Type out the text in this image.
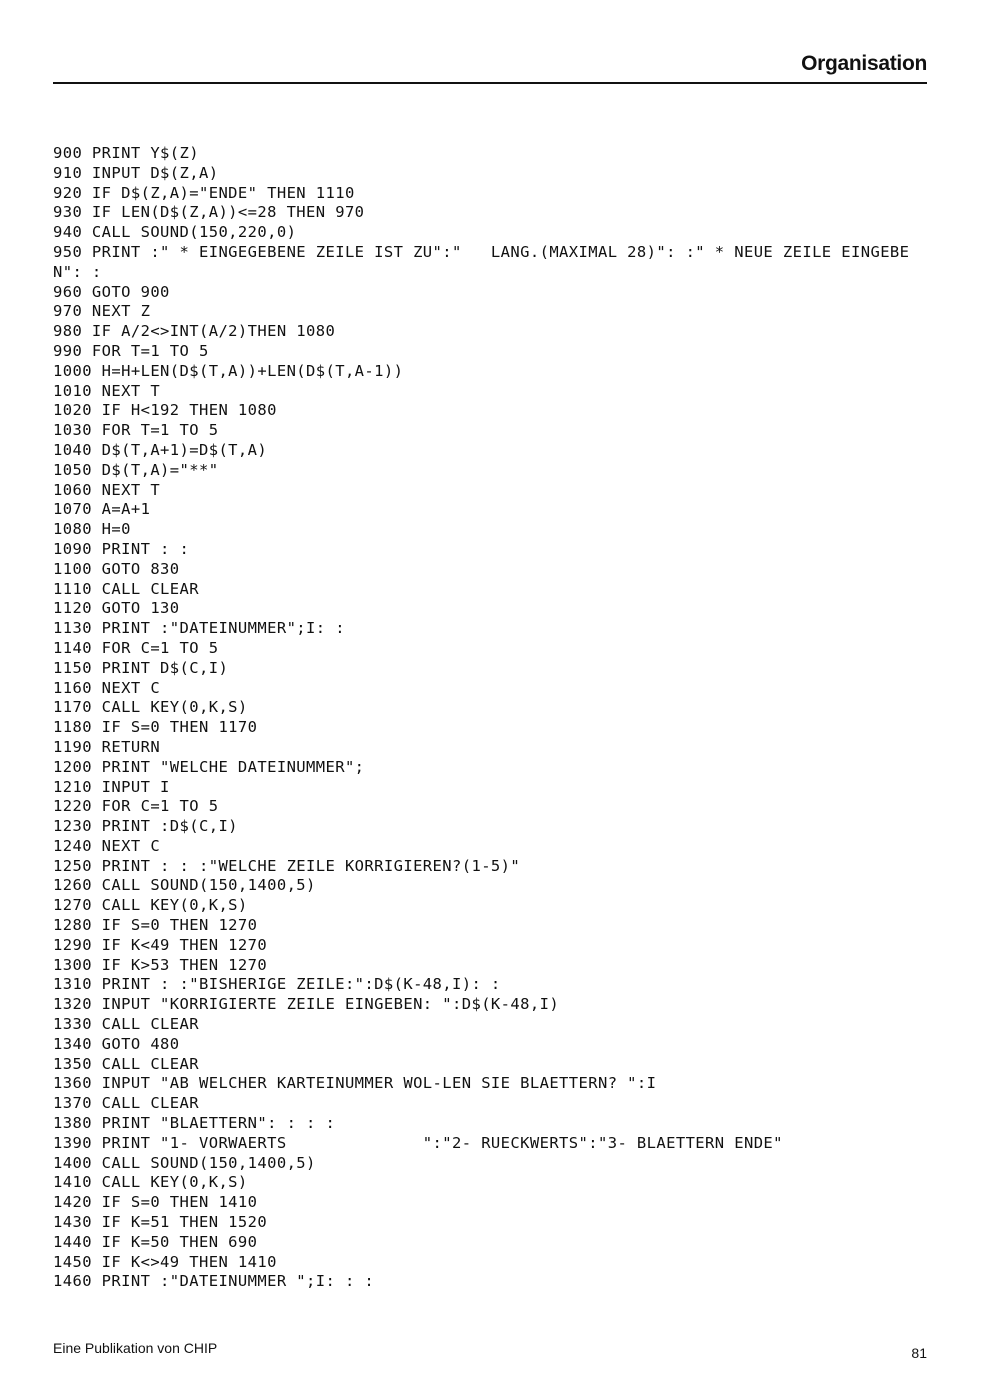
Organisation
900 PRINT Y$(Z)
910 INPUT D$(Z,A)
920 IF D$(Z,A)="ENDE" THEN 1110
930 IF LEN(D$(Z,A))<=28 THEN 970
940 CALL SOUND(150,220,0)
950 PRINT :" * EINGEGEBENE ZEILE IST ZU":"   LANG.(MAXIMAL 28)": :" * NEUE ZEILE EINGEBEN": :
960 GOTO 900
970 NEXT Z
980 IF A/2<>INT(A/2)THEN 1080
990 FOR T=1 TO 5
1000 H=H+LEN(D$(T,A))+LEN(D$(T,A-1))
1010 NEXT T
1020 IF H<192 THEN 1080
1030 FOR T=1 TO 5
1040 D$(T,A+1)=D$(T,A)
1050 D$(T,A)="**"
1060 NEXT T
1070 A=A+1
1080 H=0
1090 PRINT : :
1100 GOTO 830
1110 CALL CLEAR
1120 GOTO 130
1130 PRINT :"DATEINUMMER";I: :
1140 FOR C=1 TO 5
1150 PRINT D$(C,I)
1160 NEXT C
1170 CALL KEY(0,K,S)
1180 IF S=0 THEN 1170
1190 RETURN
1200 PRINT "WELCHE DATEINUMMER";
1210 INPUT I
1220 FOR C=1 TO 5
1230 PRINT :D$(C,I)
1240 NEXT C
1250 PRINT : : :"WELCHE ZEILE KORRIGIEREN?(1-5)"
1260 CALL SOUND(150,1400,5)
1270 CALL KEY(0,K,S)
1280 IF S=0 THEN 1270
1290 IF K<49 THEN 1270
1300 IF K>53 THEN 1270
1310 PRINT : :"BISHERIGE ZEILE:":D$(K-48,I): :
1320 INPUT "KORRIGIERTE ZEILE EINGEBEN: ":D$(K-48,I)
1330 CALL CLEAR
1340 GOTO 480
1350 CALL CLEAR
1360 INPUT "AB WELCHER KARTEINUMMER WOL-LEN SIE BLAETTERN? ":I
1370 CALL CLEAR
1380 PRINT "BLAETTERN": : : :
1390 PRINT "1- VORWAERTS              ":"2- RUECKWERTS":"3- BLAETTERN ENDE"
1400 CALL SOUND(150,1400,5)
1410 CALL KEY(0,K,S)
1420 IF S=0 THEN 1410
1430 IF K=51 THEN 1520
1440 IF K=50 THEN 690
1450 IF K<>49 THEN 1410
1460 PRINT :"DATEINUMMER ";I: : :
Eine Publikation von CHIP	81
